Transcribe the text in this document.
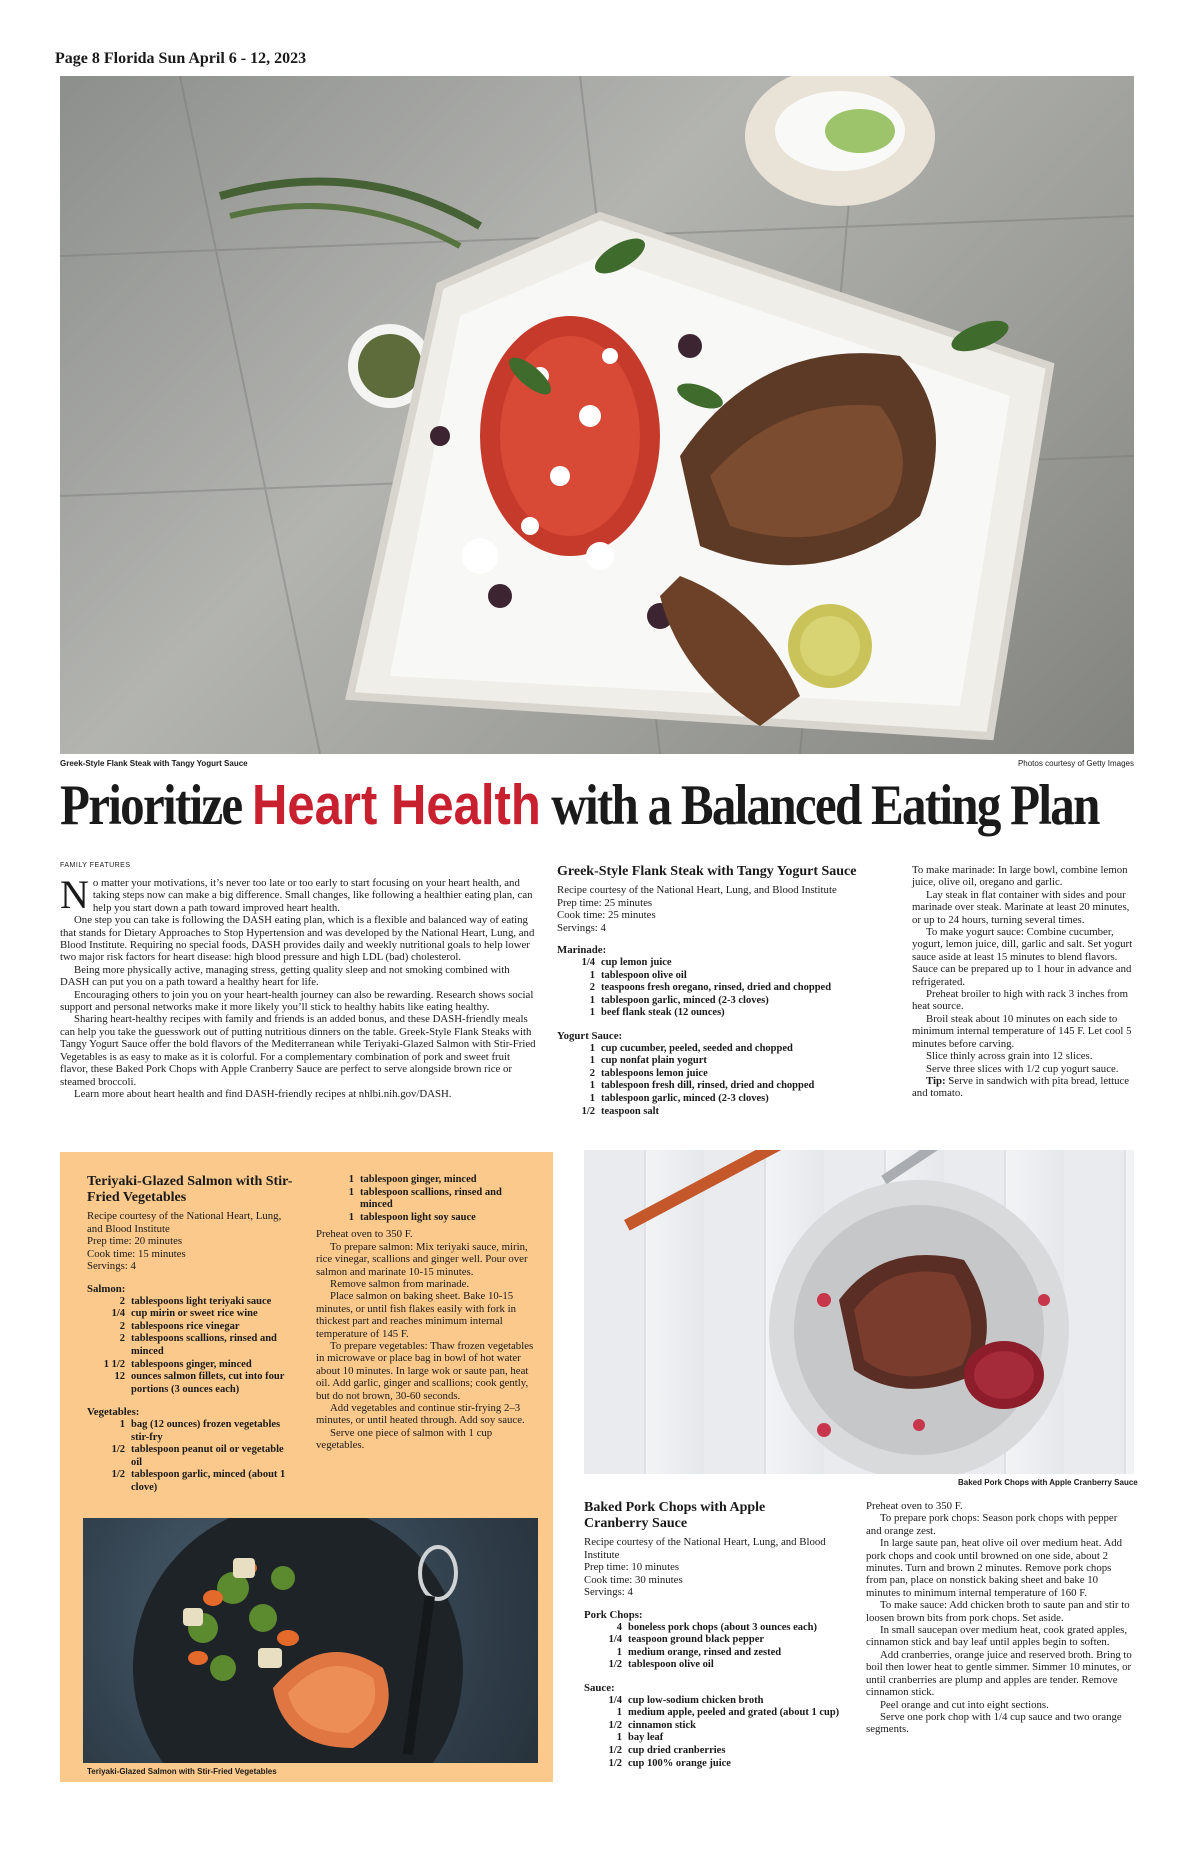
Page 8 Florida Sun April 6 - 12, 2023
Greek-Style Flank Steak with Tangy Yogurt Sauce	Photos courtesy of Getty Images
Prioritize Heart Health with a Balanced Eating Plan
FAMILY FEATURES

No matter your motivations, it’s never too late or too early to start focusing on your heart health, and taking steps now can make a big difference. Small changes, like following a healthier eating plan, can help you start down a path toward improved heart health.

One step you can take is following the DASH eating plan, which is a flexible and balanced way of eating that stands for Dietary Approaches to Stop Hypertension and was developed by the National Heart, Lung, and Blood Institute. Requiring no special foods, DASH provides daily and weekly nutritional goals to help lower two major risk factors for heart disease: high blood pressure and high LDL (bad) cholesterol.

Being more physically active, managing stress, getting quality sleep and not smoking combined with DASH can put you on a path toward a healthy heart for life.

Encouraging others to join you on your heart-health journey can also be rewarding. Research shows social support and personal networks make it more likely you’ll stick to healthy habits like eating healthy.

Sharing heart-healthy recipes with family and friends is an added bonus, and these DASH-friendly meals can help you take the guesswork out of putting nutritious dinners on the table. Greek-Style Flank Steaks with Tangy Yogurt Sauce offer the bold flavors of the Mediterranean while Teriyaki-Glazed Salmon with Stir-Fried Vegetables is as easy to make as it is colorful. For a complementary combination of pork and sweet fruit flavor, these Baked Pork Chops with Apple Cranberry Sauce are perfect to serve alongside brown rice or steamed broccoli.

Learn more about heart health and find DASH-friendly recipes at nhlbi.nih.gov/DASH.

Greek-Style Flank Steak with Tangy Yogurt Sauce
Recipe courtesy of the National Heart, Lung, and Blood Institute
Prep time: 25 minutes
Cook time: 25 minutes
Servings: 4
Marinade:
1/4 cup lemon juice
1 tablespoon olive oil
2 teaspoons fresh oregano, rinsed, dried and chopped
1 tablespoon garlic, minced (2-3 cloves)
1 beef flank steak (12 ounces)
Yogurt Sauce:
1 cup cucumber, peeled, seeded and chopped
1 cup nonfat plain yogurt
2 tablespoons lemon juice
1 tablespoon fresh dill, rinsed, dried and chopped
1 tablespoon garlic, minced (2-3 cloves)
1/2 teaspoon salt

To make marinade: In large bowl, combine lemon juice, olive oil, oregano and garlic.

Lay steak in flat container with sides and pour marinade over steak. Marinate at least 20 minutes, or up to 24 hours, turning several times.

To make yogurt sauce: Combine cucumber, yogurt, lemon juice, dill, garlic and salt. Set yogurt sauce aside at least 15 minutes to blend flavors. Sauce can be prepared up to 1 hour in advance and refrigerated.

Preheat broiler to high with rack 3 inches from heat source.

Broil steak about 10 minutes on each side to minimum internal temperature of 145 F. Let cool 5 minutes before carving.

Slice thinly across grain into 12 slices.

Serve three slices with 1/2 cup yogurt sauce.

Tip: Serve in sandwich with pita bread, lettuce and tomato.

Teriyaki-Glazed Salmon with Stir-Fried Vegetables
Recipe courtesy of the National Heart, Lung, and Blood Institute
Prep time: 20 minutes
Cook time: 15 minutes
Servings: 4
Salmon:
2 tablespoons light teriyaki sauce
1/4 cup mirin or sweet rice wine
2 tablespoons rice vinegar
2 tablespoons scallions, rinsed and minced
1 1/2 tablespoons ginger, minced
12 ounces salmon fillets, cut into four portions (3 ounces each)
Vegetables:
1 bag (12 ounces) frozen vegetables stir-fry
1/2 tablespoon peanut oil or vegetable oil
1/2 tablespoon garlic, minced (about 1 clove)
1 tablespoon ginger, minced
1 tablespoon scallions, rinsed and minced
1 tablespoon light soy sauce

Preheat oven to 350 F.

To prepare salmon: Mix teriyaki sauce, mirin, rice vinegar, scallions and ginger well. Pour over salmon and marinate 10-15 minutes.

Remove salmon from marinade.

Place salmon on baking sheet. Bake 10-15 minutes, or until fish flakes easily with fork in thickest part and reaches minimum internal temperature of 145 F.

To prepare vegetables: Thaw frozen vegetables in microwave or place bag in bowl of hot water about 10 minutes. In large wok or saute pan, heat oil. Add garlic, ginger and scallions; cook gently, but do not brown, 30-60 seconds.

Add vegetables and continue stir-frying 2–3 minutes, or until heated through. Add soy sauce.

Serve one piece of salmon with 1 cup vegetables.

Teriyaki-Glazed Salmon with Stir-Fried Vegetables
Baked Pork Chops with Apple Cranberry Sauce
Baked Pork Chops with Apple Cranberry Sauce
Recipe courtesy of the National Heart, Lung, and Blood Institute
Prep time: 10 minutes
Cook time: 30 minutes
Servings: 4
Pork Chops:
4 boneless pork chops (about 3 ounces each)
1/4 teaspoon ground black pepper
1 medium orange, rinsed and zested
1/2 tablespoon olive oil
Sauce:
1/4 cup low-sodium chicken broth
1 medium apple, peeled and grated (about 1 cup)
1/2 cinnamon stick
1 bay leaf
1/2 cup dried cranberries
1/2 cup 100% orange juice

Preheat oven to 350 F.

To prepare pork chops: Season pork chops with pepper and orange zest.

In large saute pan, heat olive oil over medium heat. Add pork chops and cook until browned on one side, about 2 minutes. Turn and brown 2 minutes. Remove pork chops from pan, place on nonstick baking sheet and bake 10 minutes to minimum internal temperature of 160 F.

To make sauce: Add chicken broth to saute pan and stir to loosen brown bits from pork chops. Set aside.

In small saucepan over medium heat, cook grated apples, cinnamon stick and bay leaf until apples begin to soften.

Add cranberries, orange juice and reserved broth. Bring to boil then lower heat to gentle simmer. Simmer 10 minutes, or until cranberries are plump and apples are tender. Remove cinnamon stick.

Peel orange and cut into eight sections.

Serve one pork chop with 1/4 cup sauce and two orange segments.
